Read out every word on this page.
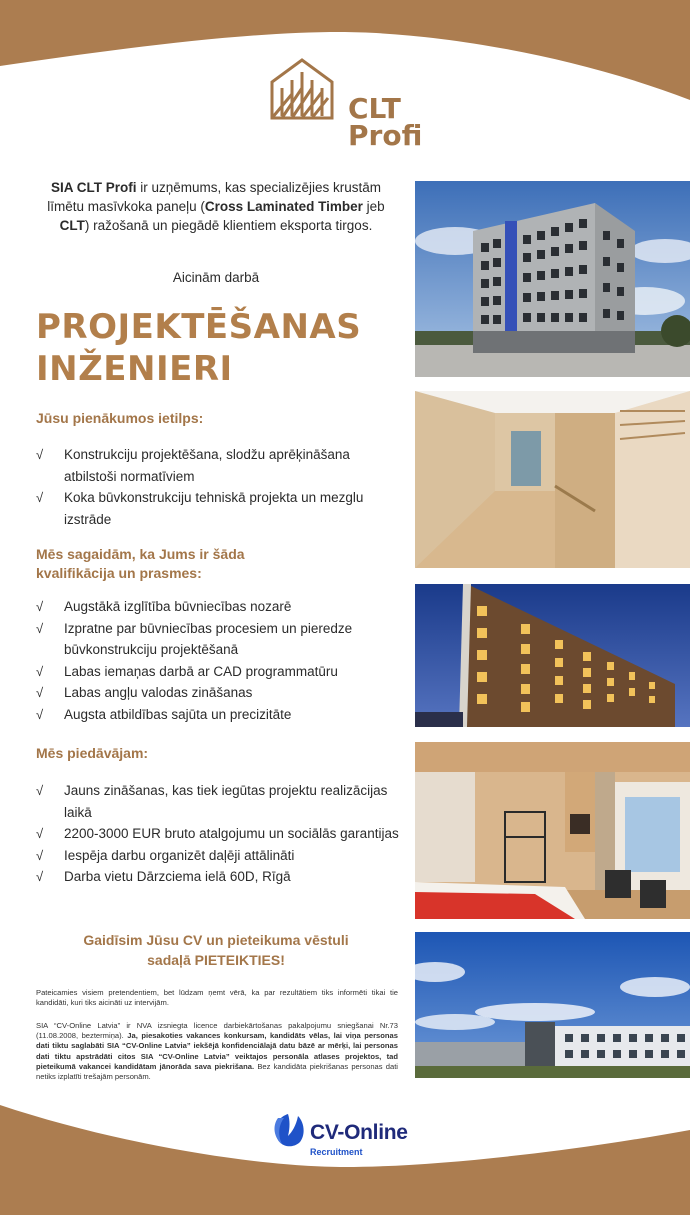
CLT
Profi
SIA CLT Profi ir uzņēmums, kas specializējies krustām līmētu masīvkoka paneļu (Cross Laminated Timber jeb CLT) ražošanā un piegādē klientiem eksporta tirgos.
Aicinām darbā
PROJEKTĒŠANAS
INŽENIERI
Jūsu pienākumos ietilps:
√ Konstrukciju projektēšana, slodžu aprēķināšana atbilstoši normatīviem
√ Koka būvkonstrukciju tehniskā projekta un mezglu izstrāde
Mēs sagaidām, ka Jums ir šāda
kvalifikācija un prasmes:
√ Augstākā izglītība būvniecības nozarē
√ Izpratne par būvniecības procesiem un pieredze būvkonstrukciju projektēšanā
√ Labas iemaņas darbā ar CAD programmatūru
√ Labas angļu valodas zināšanas
√ Augsta atbildības sajūta un precizitāte
Mēs piedāvājam:
√ Jauns zināšanas, kas tiek iegūtas projektu realizācijas laikā
√ 2200-3000 EUR bruto atalgojumu un sociālās garantijas
√ Iespēja darbu organizēt daļēji attālināti
√ Darba vietu Dārzciema ielā 60D, Rīgā
Gaidīsim Jūsu CV un pieteikuma vēstuli
sadaļā PIETEIKTIES!
Pateicamies visiem pretendentiem, bet lūdzam ņemt vērā, ka par rezultātiem tiks informēti tikai tie kandidāti, kuri tiks aicināti uz intervijām.
SIA “CV-Online Latvia” ir NVA izsniegta licence darbiekārtošanas pakalpojumu sniegšanai Nr.73 (11.08.2008, beztermiņa). Ja, piesakoties vakances konkursam, kandidāts vēlas, lai viņa personas dati tiktu saglabāti SIA “CV-Online Latvia” iekšējā konfidenciālajā datu bāzē ar mērķi, lai personas dati tiktu apstrādāti citos SIA “CV-Online Latvia” veiktajos personāla atlases projektos, tad pieteikumā vakancei kandidātam jānorāda sava piekrišana. Bez kandidāta piekrišanas personas dati netiks izplatīti trešajām personām.
CV-Online
Recruitment
